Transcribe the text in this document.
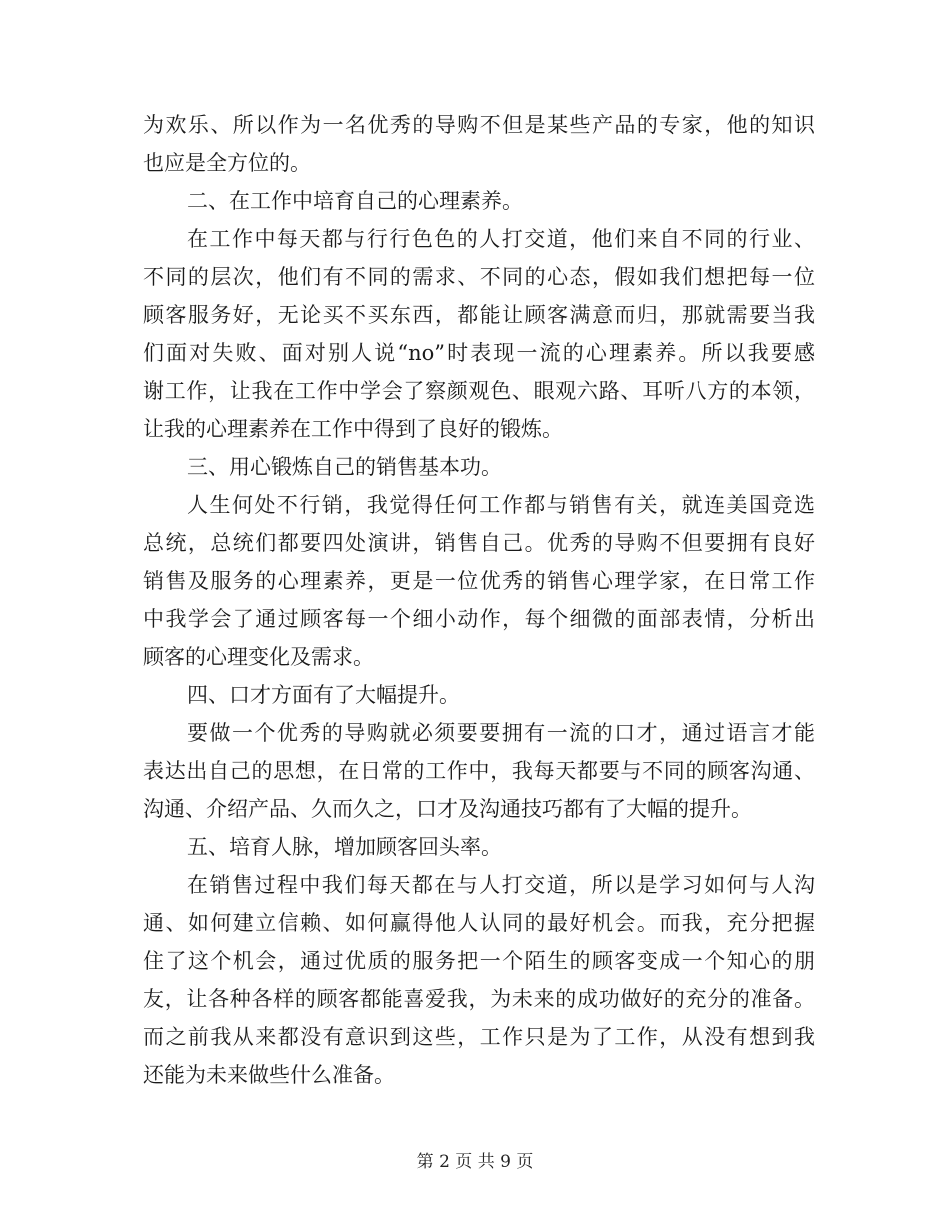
为欢乐、所以作为一名优秀的导购不但是某些产品的专家，他的知识
也应是全方位的。
二、在工作中培育自己的心理素养。
在工作中每天都与行行色色的人打交道，他们来自不同的行业、
不同的层次，他们有不同的需求、不同的心态，假如我们想把每一位
顾客服务好，无论买不买东西，都能让顾客满意而归，那就需要当我
们面对失败、面对别人说“no”时表现一流的心理素养。所以我要感
谢工作，让我在工作中学会了察颜观色、眼观六路、耳听八方的本领，
让我的心理素养在工作中得到了良好的锻炼。
三、用心锻炼自己的销售基本功。
人生何处不行销，我觉得任何工作都与销售有关，就连美国竞选
总统，总统们都要四处演讲，销售自己。优秀的导购不但要拥有良好
销售及服务的心理素养，更是一位优秀的销售心理学家，在日常工作
中我学会了通过顾客每一个细小动作，每个细微的面部表情，分析出
顾客的心理变化及需求。
四、口才方面有了大幅提升。
要做一个优秀的导购就必须要要拥有一流的口才，通过语言才能
表达出自己的思想，在日常的工作中，我每天都要与不同的顾客沟通、
沟通、介绍产品、久而久之，口才及沟通技巧都有了大幅的提升。
五、培育人脉，增加顾客回头率。
在销售过程中我们每天都在与人打交道，所以是学习如何与人沟
通、如何建立信赖、如何赢得他人认同的最好机会。而我，充分把握
住了这个机会，通过优质的服务把一个陌生的顾客变成一个知心的朋
友，让各种各样的顾客都能喜爱我，为未来的成功做好的充分的准备。
而之前我从来都没有意识到这些，工作只是为了工作，从没有想到我
还能为未来做些什么准备。
第 2 页 共 9 页
